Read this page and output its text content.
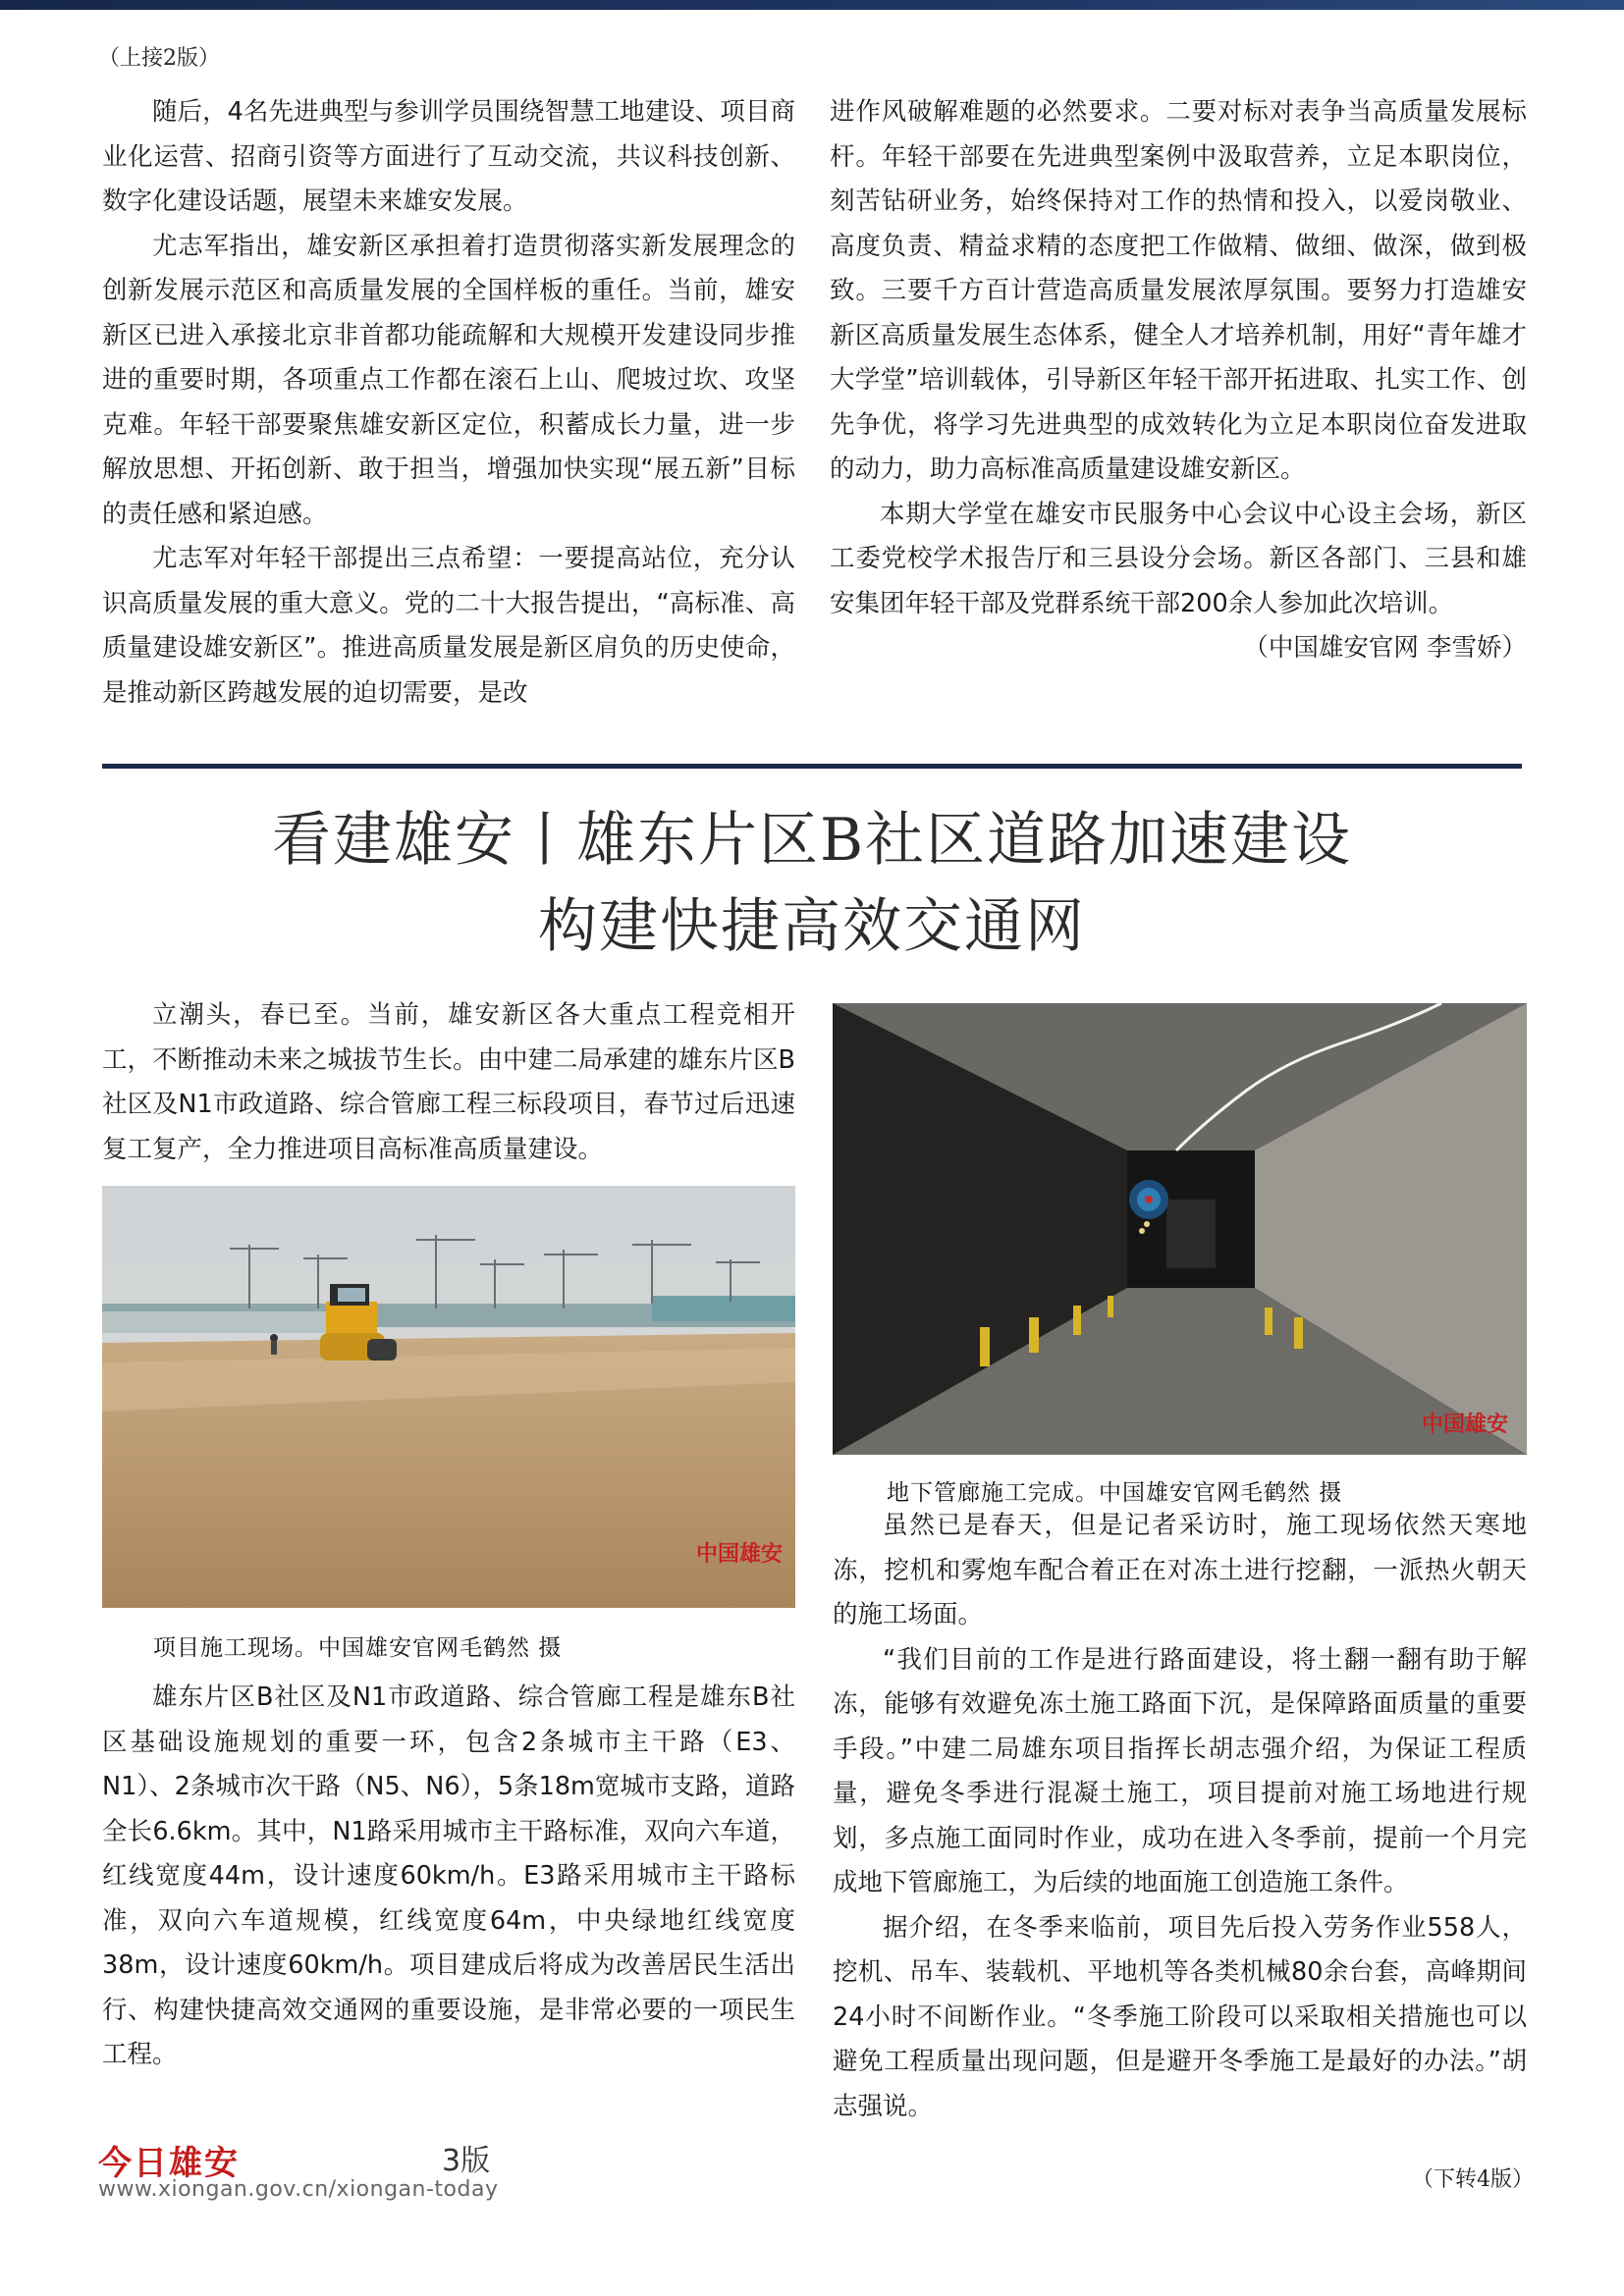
（上接2版）

随后，4名先进典型与参训学员围绕智慧工地建设、项目商业化运营、招商引资等方面进行了互动交流，共议科技创新、数字化建设话题，展望未来雄安发展。

尤志军指出，雄安新区承担着打造贯彻落实新发展理念的创新发展示范区和高质量发展的全国样板的重任。当前，雄安新区已进入承接北京非首都功能疏解和大规模开发建设同步推进的重要时期，各项重点工作都在滚石上山、爬坡过坎、攻坚克难。年轻干部要聚焦雄安新区定位，积蓄成长力量，进一步解放思想、开拓创新、敢于担当，增强加快实现“展五新”目标的责任感和紧迫感。

尤志军对年轻干部提出三点希望：一要提高站位，充分认识高质量发展的重大意义。党的二十大报告提出，“高标准、高质量建设雄安新区”。推进高质量发展是新区肩负的历史使命，是推动新区跨越发展的迫切需要，是改

进作风破解难题的必然要求。二要对标对表争当高质量发展标杆。年轻干部要在先进典型案例中汲取营养，立足本职岗位，刻苦钻研业务，始终保持对工作的热情和投入，以爱岗敬业、高度负责、精益求精的态度把工作做精、做细、做深，做到极致。三要千方百计营造高质量发展浓厚氛围。要努力打造雄安新区高质量发展生态体系，健全人才培养机制，用好“青年雄才大学堂”培训载体，引导新区年轻干部开拓进取、扎实工作、创先争优，将学习先进典型的成效转化为立足本职岗位奋发进取的动力，助力高标准高质量建设雄安新区。

本期大学堂在雄安市民服务中心会议中心设主会场，新区工委党校学术报告厅和三县设分会场。新区各部门、三县和雄安集团年轻干部及党群系统干部200余人参加此次培训。

（中国雄安官网 李雪娇）
看建雄安丨雄东片区B社区道路加速建设
构建快捷高效交通网

立潮头，春已至。当前，雄安新区各大重点工程竞相开工，不断推动未来之城拔节生长。由中建二局承建的雄东片区B社区及N1市政道路、综合管廊工程三标段项目，春节过后迅速复工复产，全力推进项目高标准高质量建设。

中国雄安
项目施工现场。中国雄安官网毛鹤然 摄
中国雄安
地下管廊施工完成。中国雄安官网毛鹤然 摄

雄东片区B社区及N1市政道路、综合管廊工程是雄东B社区基础设施规划的重要一环，包含2条城市主干路（E3、N1）、2条城市次干路（N5、N6），5条18m宽城市支路，道路全长6.6km。其中，N1路采用城市主干路标准，双向六车道，红线宽度44m，设计速度60km/h。E3路采用城市主干路标准，双向六车道规模，红线宽度64m，中央绿地红线宽度38m，设计速度60km/h。项目建成后将成为改善居民生活出行、构建快捷高效交通网的重要设施，是非常必要的一项民生工程。

虽然已是春天，但是记者采访时，施工现场依然天寒地冻，挖机和雾炮车配合着正在对冻土进行挖翻，一派热火朝天的施工场面。

“我们目前的工作是进行路面建设，将土翻一翻有助于解冻，能够有效避免冻土施工路面下沉，是保障路面质量的重要手段。”中建二局雄东项目指挥长胡志强介绍，为保证工程质量，避免冬季进行混凝土施工，项目提前对施工场地进行规划，多点施工面同时作业，成功在进入冬季前，提前一个月完成地下管廊施工，为后续的地面施工创造施工条件。

据介绍，在冬季来临前，项目先后投入劳务作业558人，挖机、吊车、装载机、平地机等各类机械80余台套，高峰期间24小时不间断作业。“冬季施工阶段可以采取相关措施也可以避免工程质量出现问题，但是避开冬季施工是最好的办法。”胡志强说。

（下转4版）
今日雄安	3版
www.xiongan.gov.cn/xiongan-today
